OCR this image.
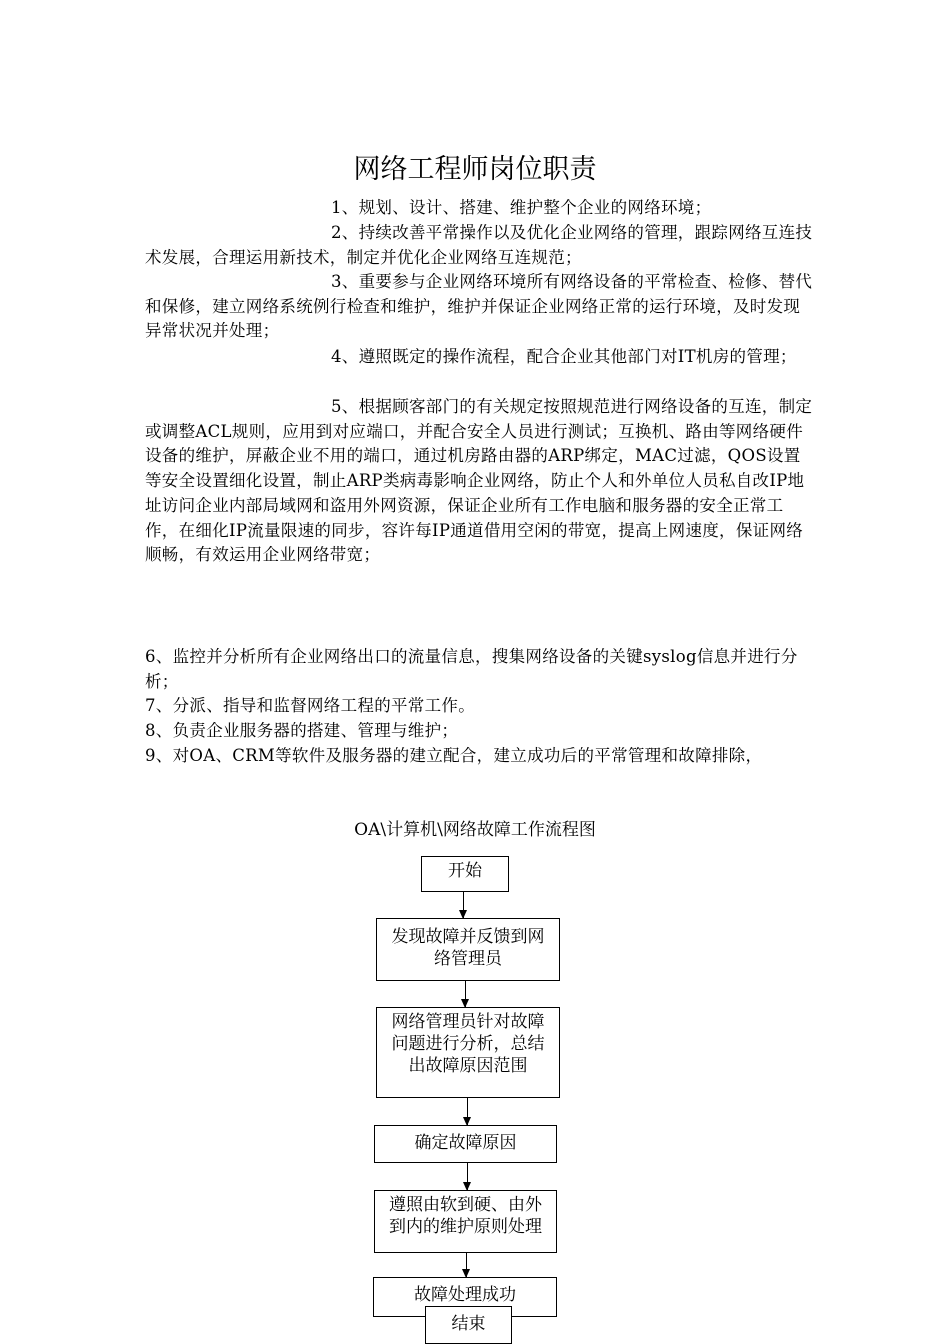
网络工程师岗位职责

1、规划、设计、搭建、维护整个企业的网络环境；

2、持续改善平常操作以及优化企业网络的管理，跟踪网络互连技术发展，合理运用新技术，制定并优化企业网络互连规范；

3、重要参与企业网络环境所有网络设备的平常检查、检修、替代和保修，建立网络系统例行检查和维护，维护并保证企业网络正常的运行环境，及时发现异常状况并处理；

4、遵照既定的操作流程，配合企业其他部门对IT机房的管理；

5、根据顾客部门的有关规定按照规范进行网络设备的互连，制定或调整ACL规则，应用到对应端口，并配合安全人员进行测试；互换机、路由等网络硬件设备的维护，屏蔽企业不用的端口，通过机房路由器的ARP绑定，MAC过滤，QOS设置等安全设置细化设置，制止ARP类病毒影响企业网络，防止个人和外单位人员私自改IP地址访问企业内部局域网和盗用外网资源，保证企业所有工作电脑和服务器的安全正常工作，在细化IP流量限速的同步，容许每IP通道借用空闲的带宽，提高上网速度，保证网络顺畅，有效运用企业网络带宽；

6、监控并分析所有企业网络出口的流量信息，搜集网络设备的关键syslog信息并进行分析；

7、分派、指导和监督网络工程的平常工作。

8、负责企业服务器的搭建、管理与维护；

9、对OA、CRM等软件及服务器的建立配合，建立成功后的平常管理和故障排除，

OA\计算机\网络故障工作流程图
开始
发现故障并反馈到网络管理员
网络管理员针对故障问题进行分析，总结出故障原因范围
确定故障原因
遵照由软到硬、由外到内的维护原则处理
故障处理成功
结束
